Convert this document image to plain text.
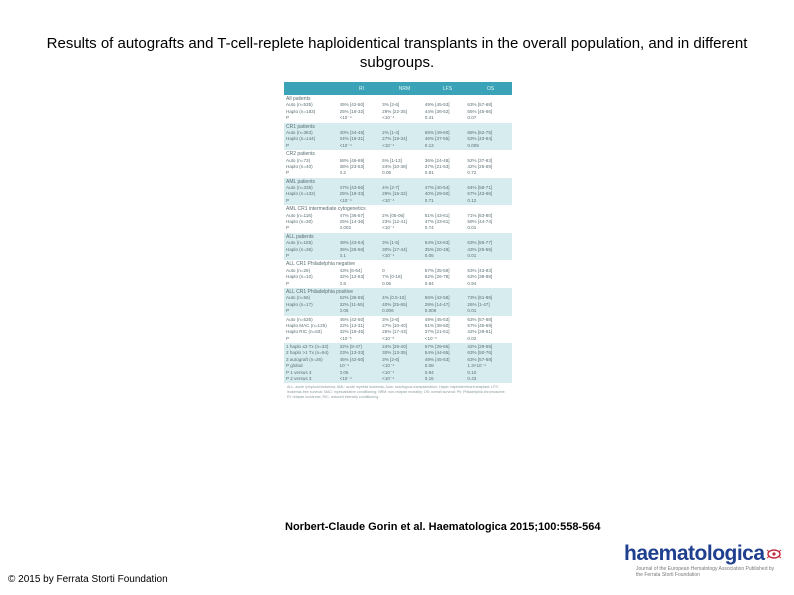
Results of autografts and T-cell-replete haploidentical transplants in the overall population, and in different subgroups.
RI	NRM	LFS	OS
All patients
Auto (n=535)	45% [42-50]	3% [2-6]	49% [45-53]	63% [57-68]
Haplo (n=183)	25% [18-32]	29% [22-35]	44% [36-52]	55% [45-66]
P	<10⁻⁴	<10⁻⁴	0.41	0.07
CR1 patients
Auto (n=383)	40% [34-45]	2% [1-4]	55% [49-60]	68% [62-75]
Haplo (n=144)	24% [18-31]	27% [19-34]	46% [37-55]	53% [43-64]
P	<10⁻⁴	<10⁻⁴	0.13	0.005
CR2 patients
Auto (n=73)	58% [46-69]	5% [1-13]	36% [24-48]	52% [37-63]
Haplo (n=40)	38% [23-53]	24% [10-38]	37% [21-53]	42% [25-59]
P	0.2	0.05	0.81	0.72
AML patients
Auto (n=335)	47% [43-56]	4% [2-7]	47% [40-54]	64% [58-71]
Haplo (n=132)	25% [18-33]	29% [15-32]	40% [29-50]	57% [43-66]
P	<10⁻⁴	<10⁻⁴	0.71	0.12
AML CR1 intermediate cytogenetics
Auto (n=116)	47% [36-57]	2% [05-06]	51% [43-61]	71% [63-80]
Haplo (n=30)	25% [14-36]	23% [12-41]	47% [33-61]	59% [44-74]
P	0.002	<10⁻⁴	0.74	0.01
ALL patients
Auto (n=165)	48% [43-54]	3% [1-5]	54% [43-63]	63% [55-77]
Haplo (n=36)	35% [25-50]	30% [17-44]	35% [20-48]	43% [25-55]
P	0.1	<10⁻⁴	0.05	0.01
ALL CR1 Philadelphia negative
Auto (n=26)	43% [6-64]	0	57% [35-59]	63% [43-83]
Haplo (n=10)	32% [12-63]	7% [0-18]	52% [26-78]	63% [38-88]
P	0.8	0.05	0.94	0.94
ALL CR1 Philadelphia positive
Auto (n=56)	52% [36-55]	4% [0.5-10]	56% [42-58]	73% [61-85]
Haplo (n=17)	32% [11-55]	40% [25-65]	29% [14-47]	26% [1-47]
P	0.06	0.006	0.006	0.01
Auto (n=535)	45% [42-50]	3% [2-6]	49% [45-53]	63% [57-68]
Haplo MAC (n=125)	22% [13-31]	27% [10-40]	51% [38-60]	57% [45-69]
Haplo RIC (n=63)	32% [18-45]	25% [17-43]	37% [21-51]	42% [28-61]
P	<10⁻⁵	<10⁻⁵	<10⁻⁵	0.02
1 haplo ≤3 Tx (n=33)	32% [8-47]	24% [29-40]	57% [39-65]	42% [29-55]
2 haplo >1 Tx (n=94)	23% [13-33]	30% [13-35]	54% [44-65]	63% [50-76]
3 autograft (n=26)	45% [42-50]	3% [2-6]	49% [45-53]	63% [57-68]
P global	10⁻⁴	<10⁻⁴	0.08	1.3×10⁻⁴
P 1 versus 3	0.05	<10⁻⁴	0.94	0.10
P 2 versus 3	<10⁻⁴	<10⁻⁴	0.15	0.43
ALL: acute lymphoid leukemia; AML: acute myeloid leukemia; Auto: autologous transplantation; Haplo: haploidentical transplant; LFS: leukemia-free survival; MAC: myeloablative conditioning; NRM: non-relapse mortality; OS: overall survival; Ph: Philadelphia chromosome; RI: relapse incidence; RIC: reduced intensity conditioning.
Norbert-Claude Gorin et al. Haematologica 2015;100:558-564
© 2015 by Ferrata Storti Foundation
haematologica
Journal of the European Hematology Association Published by the Ferrata Storti Foundation
